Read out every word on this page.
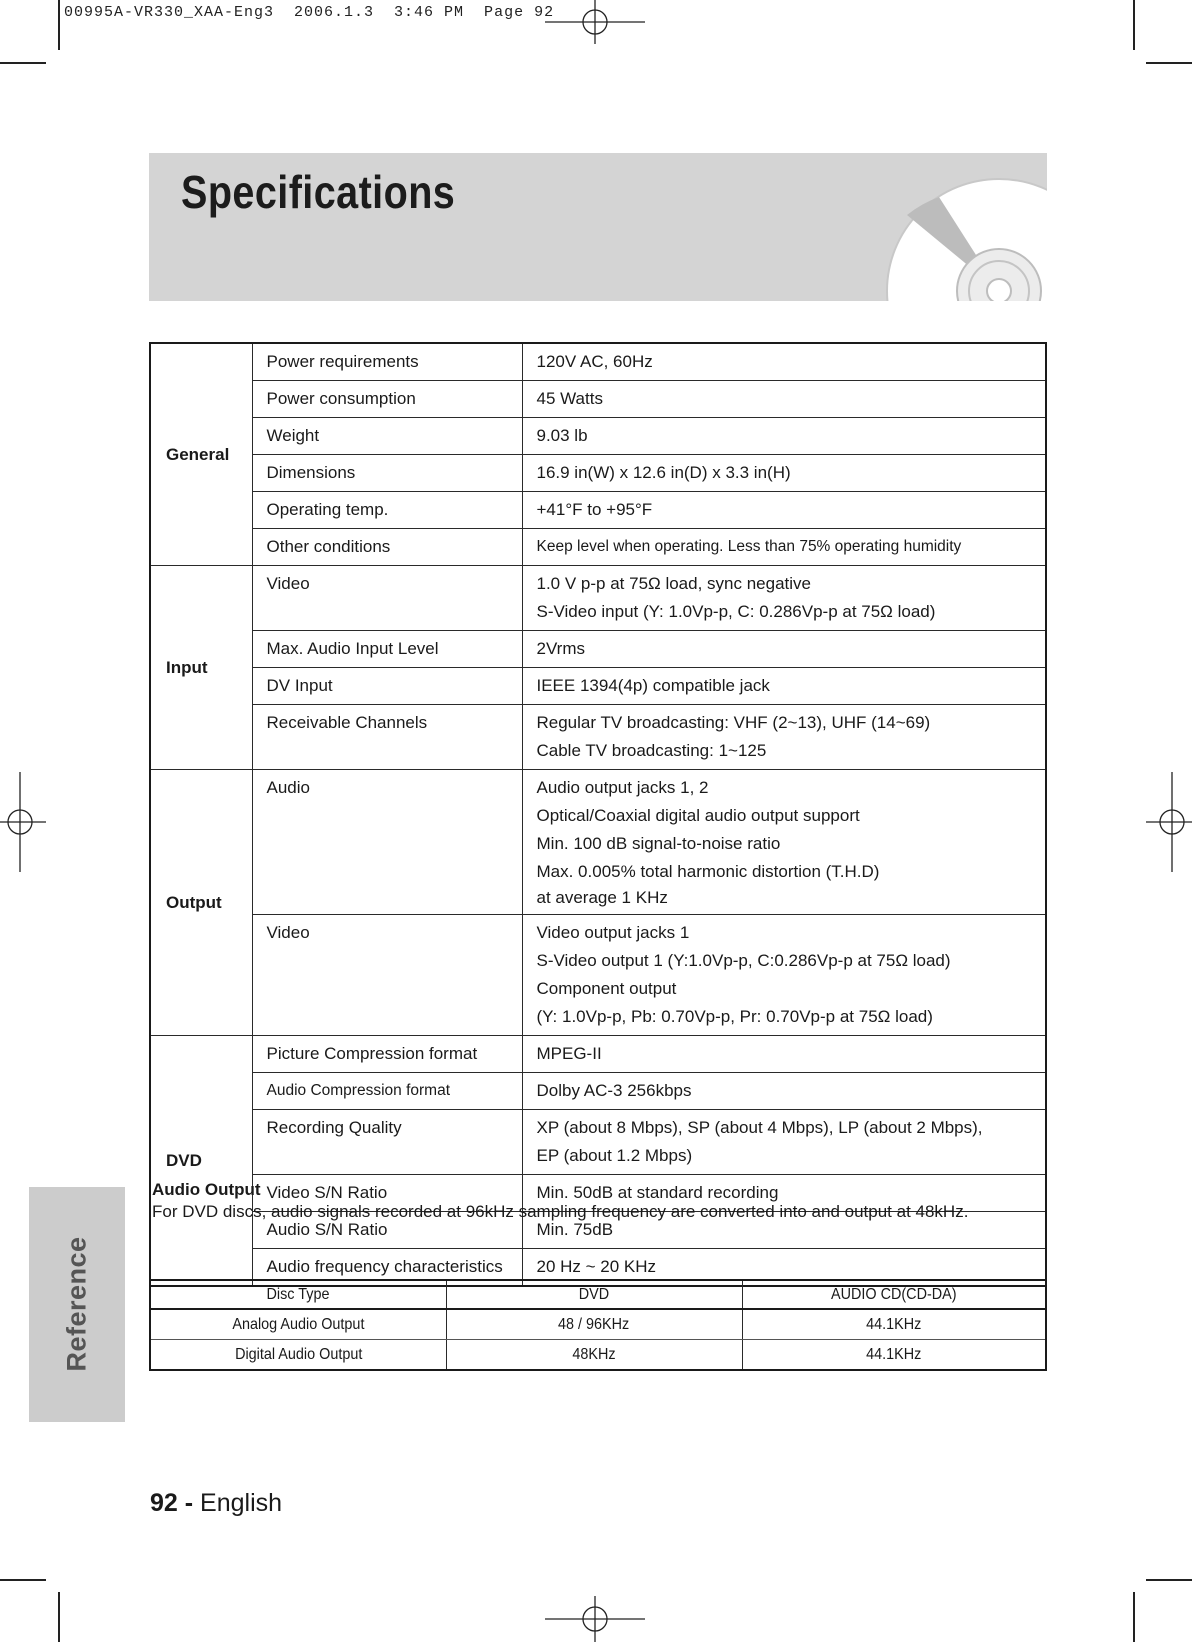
00995A-VR330_XAA-Eng3  2006.1.3  3:46 PM  Page 92
Specifications
General	Power requirements	120V AC, 60Hz
	Power consumption	45 Watts
	Weight	9.03 lb
	Dimensions	16.9 in(W) x 12.6 in(D) x 3.3 in(H)
	Operating temp.	+41°F to +95°F
	Other conditions	Keep level when operating. Less than 75% operating humidity
Input	Video	1.0 V p-p at 75Ω load, sync negative
S-Video input (Y: 1.0Vp-p, C: 0.286Vp-p at 75Ω load)

	Max. Audio Input Level	2Vrms
	DV Input	IEEE 1394(4p) compatible jack
	Receivable Channels	Regular TV broadcasting: VHF (2~13), UHF (14~69)
Cable TV broadcasting: 1~125

Output	Audio	Audio output jacks 1, 2
Optical/Coaxial digital audio output support
Min. 100 dB signal-to-noise ratio
Max. 0.005% total harmonic distortion (T.H.D)
at average 1 KHz

	Video	Video output jacks 1
S-Video output 1 (Y:1.0Vp-p, C:0.286Vp-p at 75Ω load)
Component output
(Y: 1.0Vp-p, Pb: 0.70Vp-p, Pr: 0.70Vp-p at 75Ω load)

DVD	Picture Compression format	MPEG-II
	Audio Compression format	Dolby AC-3 256kbps
	Recording Quality	XP (about 8 Mbps), SP (about 4 Mbps), LP (about 2 Mbps),
EP (about 1.2 Mbps)

	Video S/N Ratio	Min. 50dB at standard recording
	Audio S/N Ratio	Min. 75dB
	Audio frequency characteristics	20 Hz ~ 20 KHz
Audio Output
For DVD discs, audio signals recorded at 96kHz sampling frequency are converted into and output at 48kHz.
Disc Type	DVD	AUDIO CD(CD-DA)
Analog Audio Output	48 / 96KHz	44.1KHz
Digital Audio Output	48KHz	44.1KHz
Reference
92 - English
